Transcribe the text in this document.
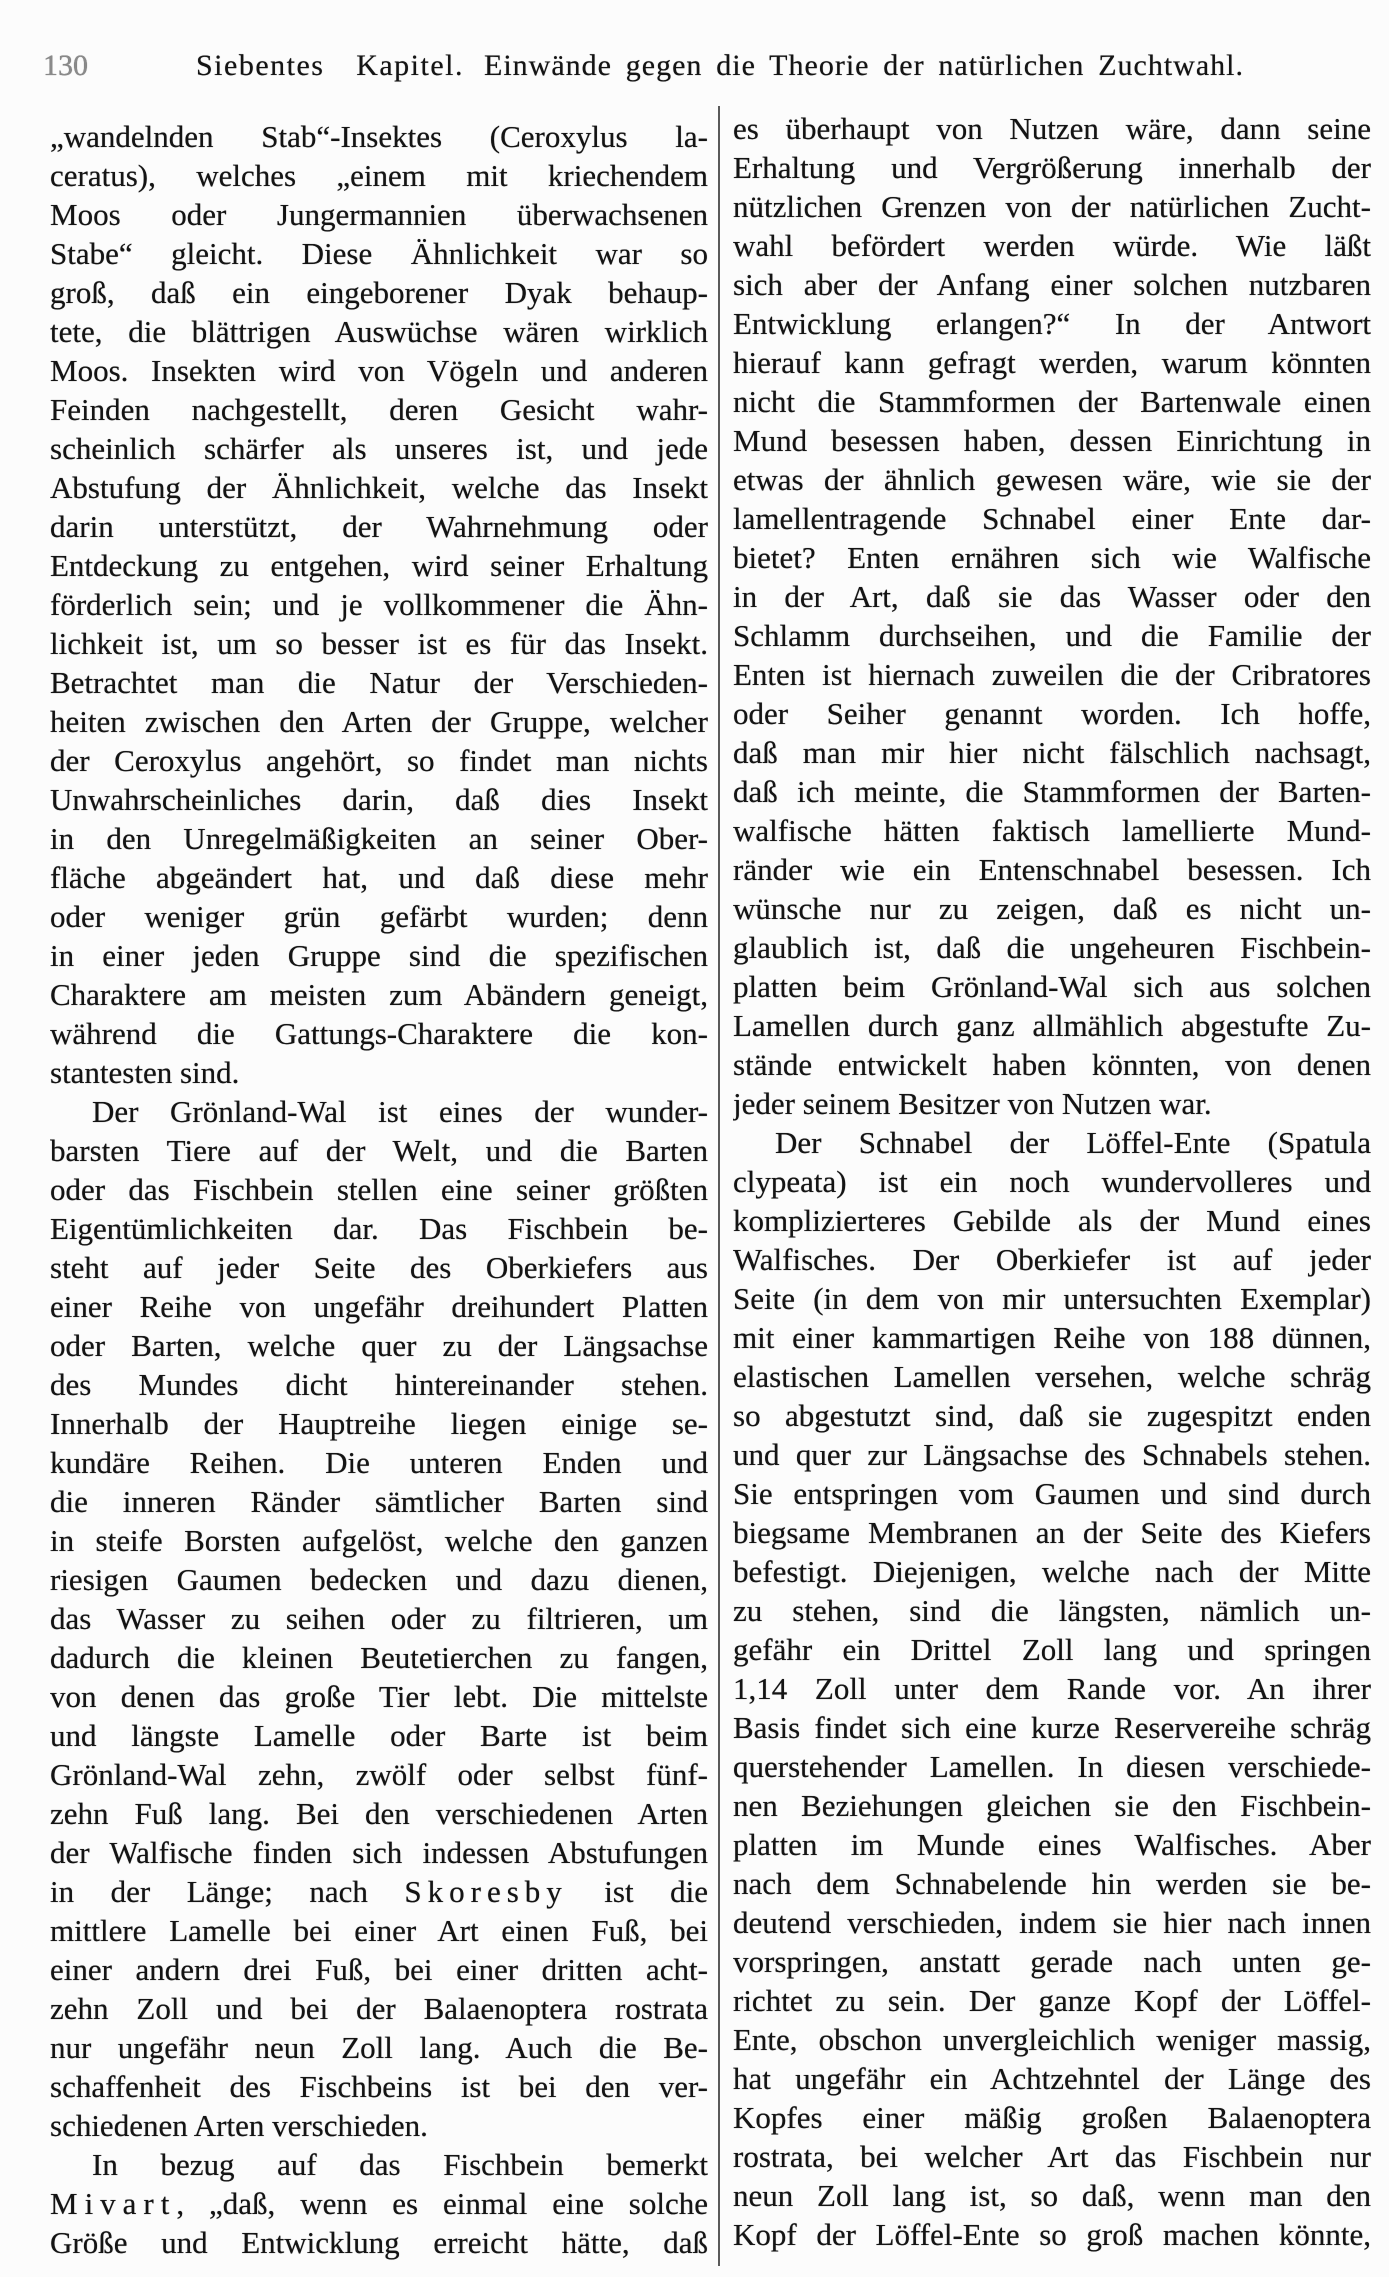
130	Siebentes Kapitel. Einwände gegen die Theorie der natürlichen Zuchtwahl.
„wandelnden Stab“-Insektes (Ceroxylus la-
ceratus), welches „einem mit kriechendem
Moos oder Jungermannien überwachsenen
Stabe“ gleicht. Diese Ähnlichkeit war so
groß, daß ein eingeborener Dyak behaup-
tete, die blättrigen Auswüchse wären wirklich
Moos. Insekten wird von Vögeln und anderen
Feinden nachgestellt, deren Gesicht wahr-
scheinlich schärfer als unseres ist, und jede
Abstufung der Ähnlichkeit, welche das Insekt
darin unterstützt, der Wahrnehmung oder
Entdeckung zu entgehen, wird seiner Erhaltung
förderlich sein; und je vollkommener die Ähn-
lichkeit ist, um so besser ist es für das Insekt.
Betrachtet man die Natur der Verschieden-
heiten zwischen den Arten der Gruppe, welcher
der Ceroxylus angehört, so findet man nichts
Unwahrscheinliches darin, daß dies Insekt
in den Unregelmäßigkeiten an seiner Ober-
fläche abgeändert hat, und daß diese mehr
oder weniger grün gefärbt wurden; denn
in einer jeden Gruppe sind die spezifischen
Charaktere am meisten zum Abändern geneigt,
während die Gattungs-Charaktere die kon-
stantesten sind.
Der Grönland-Wal ist eines der wunder-
barsten Tiere auf der Welt, und die Barten
oder das Fischbein stellen eine seiner größten
Eigentümlichkeiten dar. Das Fischbein be-
steht auf jeder Seite des Oberkiefers aus
einer Reihe von ungefähr dreihundert Platten
oder Barten, welche quer zu der Längsachse
des Mundes dicht hintereinander stehen.
Innerhalb der Hauptreihe liegen einige se-
kundäre Reihen. Die unteren Enden und
die inneren Ränder sämtlicher Barten sind
in steife Borsten aufgelöst, welche den ganzen
riesigen Gaumen bedecken und dazu dienen,
das Wasser zu seihen oder zu filtrieren, um
dadurch die kleinen Beutetierchen zu fangen,
von denen das große Tier lebt. Die mittelste
und längste Lamelle oder Barte ist beim
Grönland-Wal zehn, zwölf oder selbst fünf-
zehn Fuß lang. Bei den verschiedenen Arten
der Walfische finden sich indessen Abstufungen
in der Länge; nach Skoresby ist die
mittlere Lamelle bei einer Art einen Fuß, bei
einer andern drei Fuß, bei einer dritten acht-
zehn Zoll und bei der Balaenoptera rostrata
nur ungefähr neun Zoll lang. Auch die Be-
schaffenheit des Fischbeins ist bei den ver-
schiedenen Arten verschieden.
In bezug auf das Fischbein bemerkt
Mivart, „daß, wenn es einmal eine solche
Größe und Entwicklung erreicht hätte, daß
es überhaupt von Nutzen wäre, dann seine
Erhaltung und Vergrößerung innerhalb der
nützlichen Grenzen von der natürlichen Zucht-
wahl befördert werden würde. Wie läßt
sich aber der Anfang einer solchen nutzbaren
Entwicklung erlangen?“ In der Antwort
hierauf kann gefragt werden, warum könnten
nicht die Stammformen der Bartenwale einen
Mund besessen haben, dessen Einrichtung in
etwas der ähnlich gewesen wäre, wie sie der
lamellentragende Schnabel einer Ente dar-
bietet? Enten ernähren sich wie Walfische
in der Art, daß sie das Wasser oder den
Schlamm durchseihen, und die Familie der
Enten ist hiernach zuweilen die der Cribratores
oder Seiher genannt worden. Ich hoffe,
daß man mir hier nicht fälschlich nachsagt,
daß ich meinte, die Stammformen der Barten-
walfische hätten faktisch lamellierte Mund-
ränder wie ein Entenschnabel besessen. Ich
wünsche nur zu zeigen, daß es nicht un-
glaublich ist, daß die ungeheuren Fischbein-
platten beim Grönland-Wal sich aus solchen
Lamellen durch ganz allmählich abgestufte Zu-
stände entwickelt haben könnten, von denen
jeder seinem Besitzer von Nutzen war.
Der Schnabel der Löffel-Ente (Spatula
clypeata) ist ein noch wundervolleres und
komplizierteres Gebilde als der Mund eines
Walfisches. Der Oberkiefer ist auf jeder
Seite (in dem von mir untersuchten Exemplar)
mit einer kammartigen Reihe von 188 dünnen,
elastischen Lamellen versehen, welche schräg
so abgestutzt sind, daß sie zugespitzt enden
und quer zur Längsachse des Schnabels stehen.
Sie entspringen vom Gaumen und sind durch
biegsame Membranen an der Seite des Kiefers
befestigt. Diejenigen, welche nach der Mitte
zu stehen, sind die längsten, nämlich un-
gefähr ein Drittel Zoll lang und springen
1,14 Zoll unter dem Rande vor. An ihrer
Basis findet sich eine kurze Reservereihe schräg
querstehender Lamellen. In diesen verschiede-
nen Beziehungen gleichen sie den Fischbein-
platten im Munde eines Walfisches. Aber
nach dem Schnabelende hin werden sie be-
deutend verschieden, indem sie hier nach innen
vorspringen, anstatt gerade nach unten ge-
richtet zu sein. Der ganze Kopf der Löffel-
Ente, obschon unvergleichlich weniger massig,
hat ungefähr ein Achtzehntel der Länge des
Kopfes einer mäßig großen Balaenoptera
rostrata, bei welcher Art das Fischbein nur
neun Zoll lang ist, so daß, wenn man den
Kopf der Löffel-Ente so groß machen könnte,
